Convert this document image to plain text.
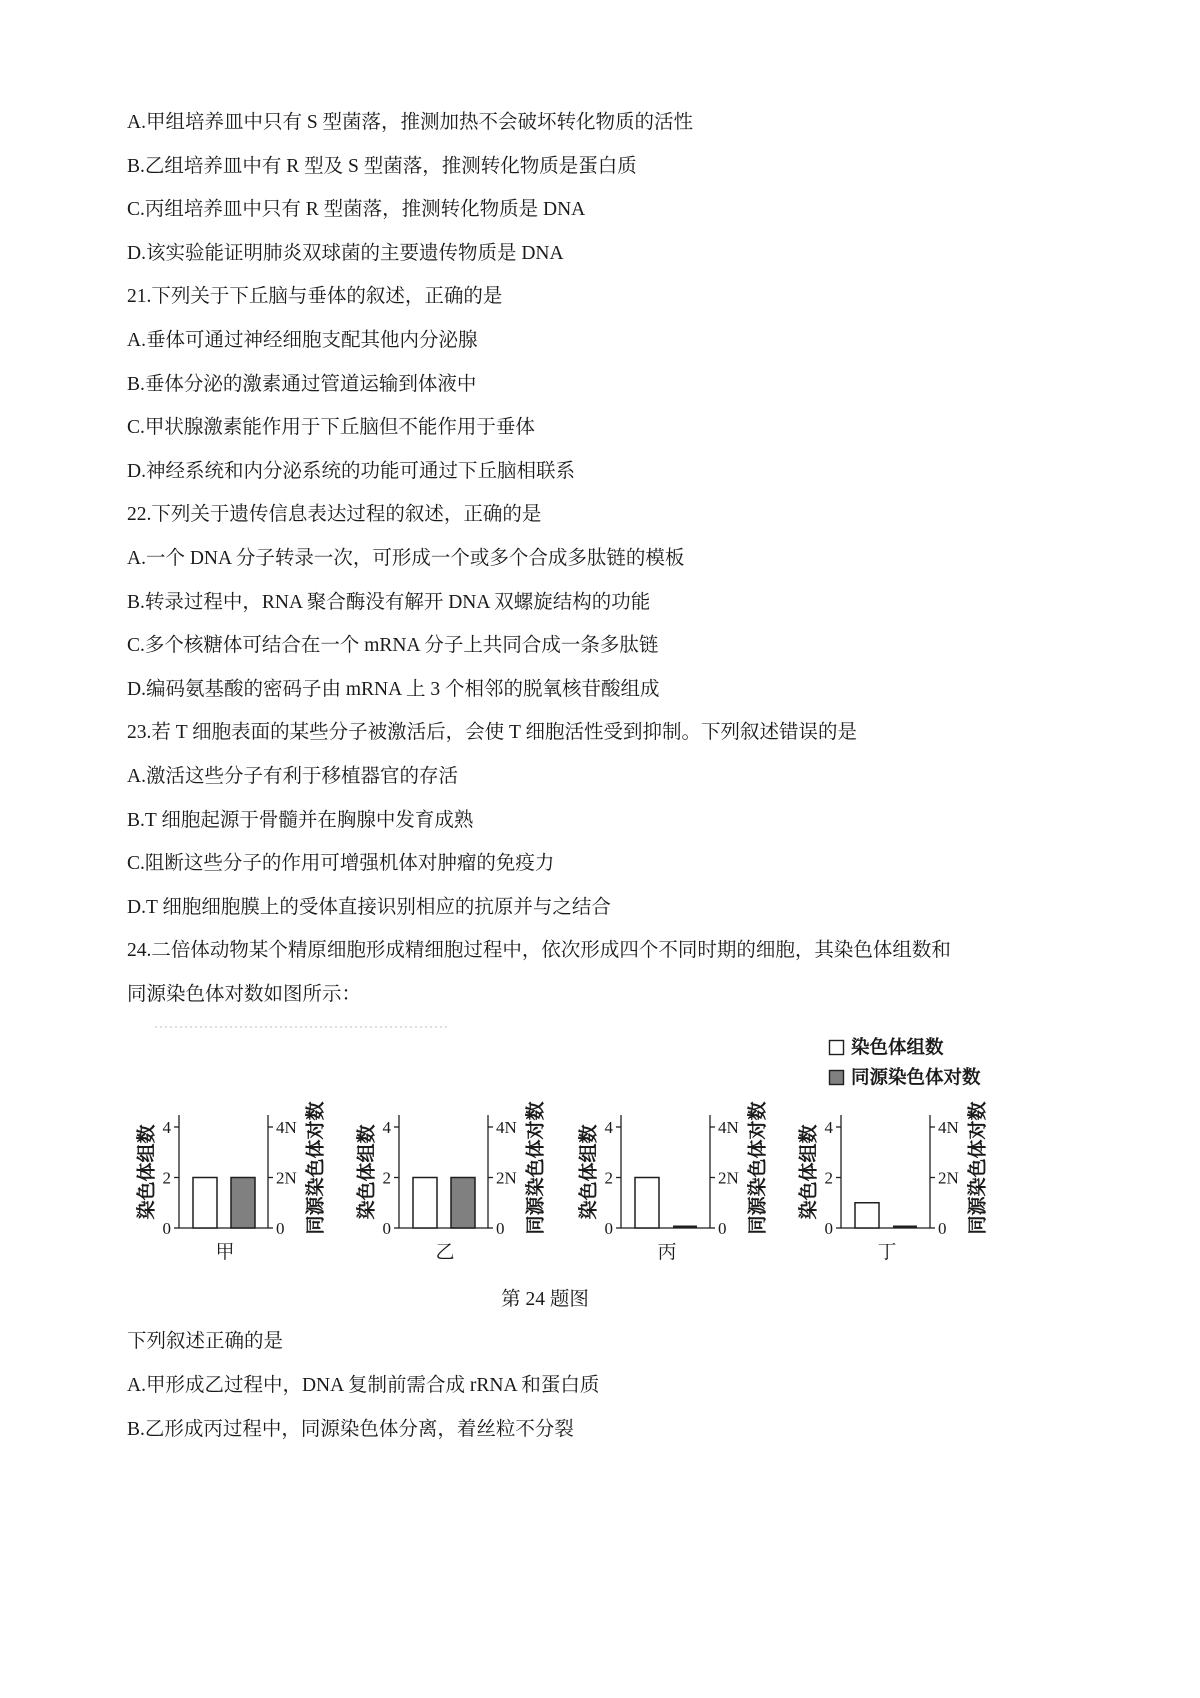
A.甲组培养皿中只有 S 型菌落，推测加热不会破坏转化物质的活性
B.乙组培养皿中有 R 型及 S 型菌落，推测转化物质是蛋白质
C.丙组培养皿中只有 R 型菌落，推测转化物质是 DNA
D.该实验能证明肺炎双球菌的主要遗传物质是 DNA
21.下列关于下丘脑与垂体的叙述，正确的是
A.垂体可通过神经细胞支配其他内分泌腺
B.垂体分泌的激素通过管道运输到体液中
C.甲状腺激素能作用于下丘脑但不能作用于垂体
D.神经系统和内分泌系统的功能可通过下丘脑相联系
22.下列关于遗传信息表达过程的叙述，正确的是
A.一个 DNA 分子转录一次，可形成一个或多个合成多肽链的模板
B.转录过程中，RNA 聚合酶没有解开 DNA 双螺旋结构的功能
C.多个核糖体可结合在一个 mRNA 分子上共同合成一条多肽链
D.编码氨基酸的密码子由 mRNA 上 3 个相邻的脱氧核苷酸组成
23.若 T 细胞表面的某些分子被激活后，会使 T 细胞活性受到抑制。下列叙述错误的是
A.激活这些分子有利于移植器官的存活
B.T 细胞起源于骨髓并在胸腺中发育成熟
C.阻断这些分子的作用可增强机体对肿瘤的免疫力
D.T 细胞细胞膜上的受体直接识别相应的抗原并与之结合
24.二倍体动物某个精原细胞形成精细胞过程中，依次形成四个不同时期的细胞，其染色体组数和
同源染色体对数如图所示：
染色体组数
同源染色体对数
0
2
4
0
2N
4N
染色体组数	同源染色体对数
甲
0
2
4
0
2N
4N
染色体组数	同源染色体对数
乙
0
2
4
0
2N
4N
染色体组数	同源染色体对数
丙
0
2
4
0
2N
4N
染色体组数	同源染色体对数
丁
第 24 题图
下列叙述正确的是
A.甲形成乙过程中，DNA 复制前需合成 rRNA 和蛋白质
B.乙形成丙过程中，同源染色体分离，着丝粒不分裂
